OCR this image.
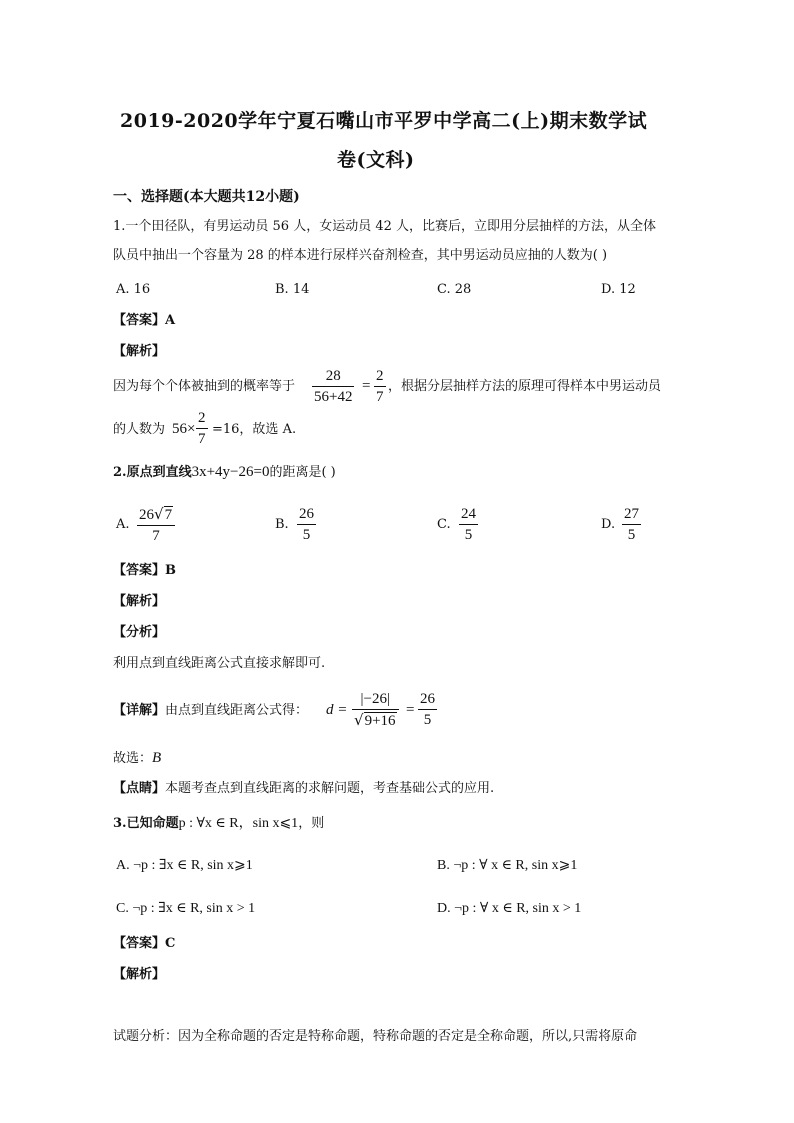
2019-2020学年宁夏石嘴山市平罗中学高二(上)期末数学试
卷(文科)
一、选择题(本大题共12小题)
1.一个田径队，有男运动员 56 人，女运动员 42 人，比赛后，立即用分层抽样的方法，从全体
队员中抽出一个容量为 28 的样本进行尿样兴奋剂检查，其中男运动员应抽的人数为( )
A. 16	B. 14	C. 28	D. 12
【答案】A
【解析】
因为每个个体被抽到的概率等于
28
56+42
=
2
7
，根据分层抽样方法的原理可得样本中男运动员
的人数为 56×
2
7
=16，故选 A.
2.原点到直线3x+4y−26=0的距离是( )
A.
26√7
7
B.
26
5
C.
24
5
D.
27
5
【答案】B
【解析】
【分析】
利用点到直线距离公式直接求解即可.
【详解】由点到直线距离公式得： d =
|−26|
√9+16
=
26
5
故选：B
【点睛】本题考查点到直线距离的求解问题，考查基础公式的应用.
3.已知命题p : ∀x ∈ R，sin x⩽1，则
A. ¬p : ∃x ∈ R, sin x⩾1	B. ¬p : ∀ x ∈ R, sin x⩾1
C. ¬p : ∃x ∈ R, sin x > 1	D. ¬p : ∀ x ∈ R, sin x > 1
【答案】C
【解析】
试题分析：因为全称命题的否定是特称命题，特称命题的否定是全称命题，所以,只需将原命
